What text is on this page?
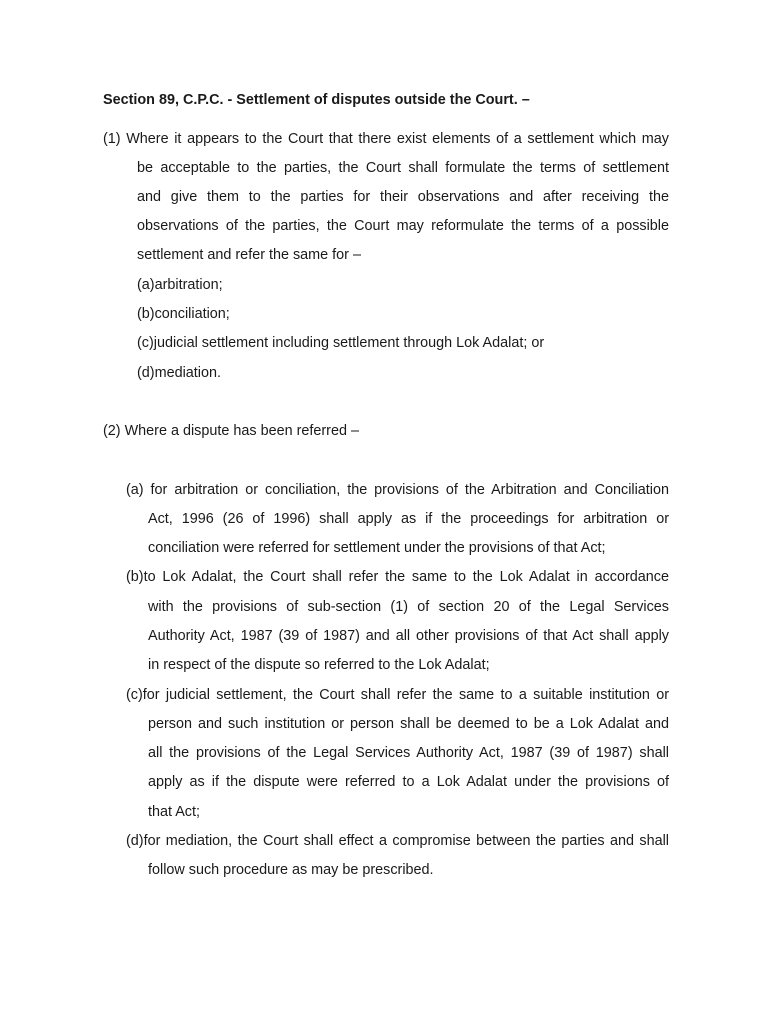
Section 89, C.P.C. - Settlement of disputes outside the Court. –

(1) Where it appears to the Court that there exist elements of a settlement which may

be acceptable to the parties, the Court shall formulate the terms of settlement

and give them to the parties for their observations and after receiving the

observations of the parties, the Court may reformulate the terms of a possible

settlement and refer the same for –

(a)arbitration;

(b)conciliation;

(c)judicial settlement including settlement through Lok Adalat; or

(d)mediation.

(2) Where a dispute has been referred –

(a) for arbitration or conciliation, the provisions of the Arbitration and Conciliation

Act, 1996 (26 of 1996) shall apply as if the proceedings for arbitration or

conciliation were referred for settlement under the provisions of that Act;

(b)to Lok Adalat, the Court shall refer the same to the Lok Adalat in accordance

with the provisions of sub-section (1) of section 20 of the Legal Services

Authority Act, 1987 (39 of 1987) and all other provisions of that Act shall apply

in respect of the dispute so referred to the Lok Adalat;

(c)for judicial settlement, the Court shall refer the same to a suitable institution or

person and such institution or person shall be deemed to be a Lok Adalat and

all the provisions of the Legal Services Authority Act, 1987 (39 of 1987) shall

apply as if the dispute were referred to a Lok Adalat under the provisions of

that Act;

(d)for mediation, the Court shall effect a compromise between the parties and shall

follow such procedure as may be prescribed.
